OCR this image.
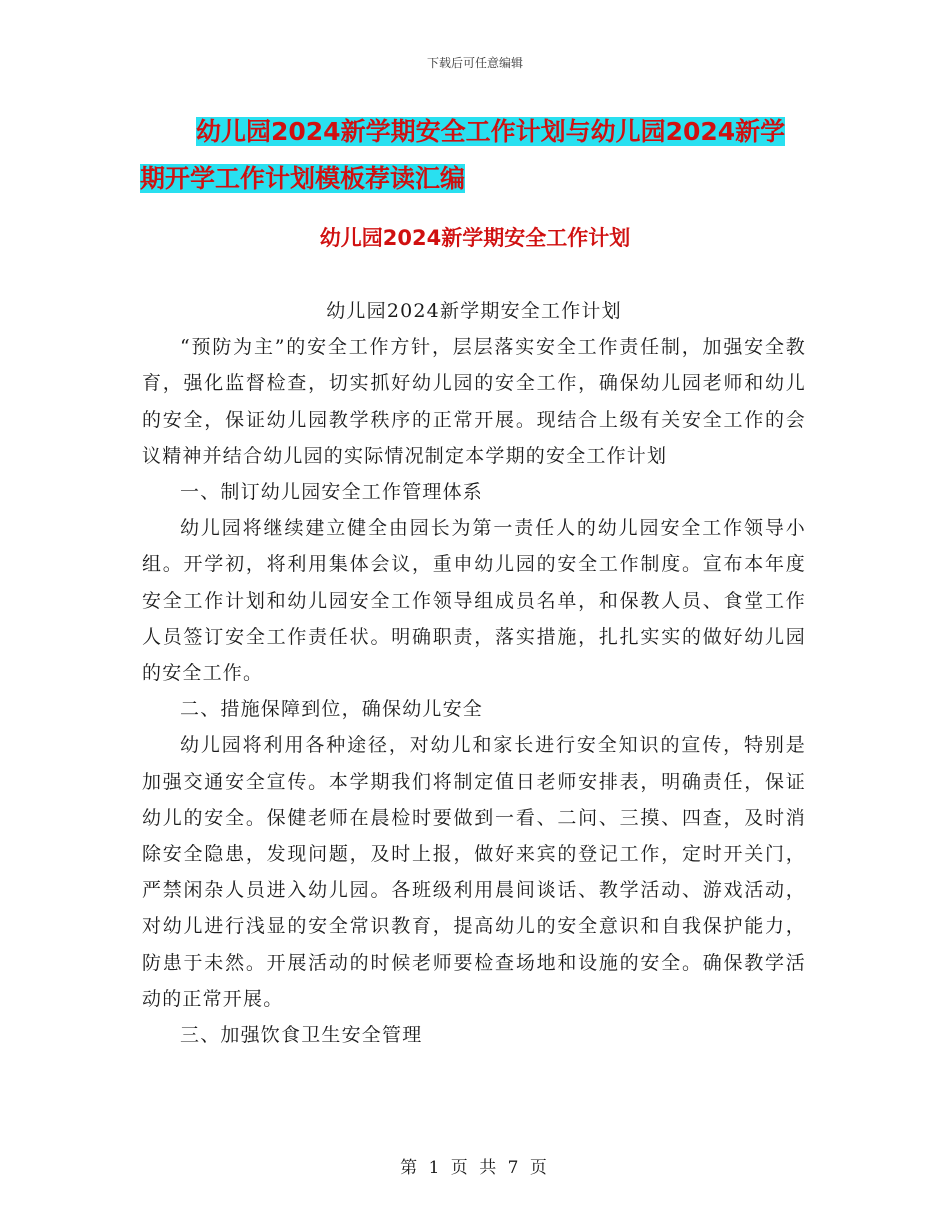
下载后可任意编辑
幼儿园2024新学期安全工作计划与幼儿园2024新学
期开学工作计划模板荐读汇编
幼儿园2024新学期安全工作计划

幼儿园2024新学期安全工作计划

“预防为主”的安全工作方针，层层落实安全工作责任制，加强安全教育，强化监督检查，切实抓好幼儿园的安全工作，确保幼儿园老师和幼儿的安全，保证幼儿园教学秩序的正常开展。现结合上级有关安全工作的会议精神并结合幼儿园的实际情况制定本学期的安全工作计划

一、制订幼儿园安全工作管理体系

幼儿园将继续建立健全由园长为第一责任人的幼儿园安全工作领导小组。开学初，将利用集体会议，重申幼儿园的安全工作制度。宣布本年度安全工作计划和幼儿园安全工作领导组成员名单，和保教人员、食堂工作人员签订安全工作责任状。明确职责，落实措施，扎扎实实的做好幼儿园的安全工作。

二、措施保障到位，确保幼儿安全

幼儿园将利用各种途径，对幼儿和家长进行安全知识的宣传，特别是加强交通安全宣传。本学期我们将制定值日老师安排表，明确责任，保证幼儿的安全。保健老师在晨检时要做到一看、二问、三摸、四查，及时消除安全隐患，发现问题，及时上报，做好来宾的登记工作，定时开关门，严禁闲杂人员进入幼儿园。各班级利用晨间谈话、教学活动、游戏活动，对幼儿进行浅显的安全常识教育，提高幼儿的安全意识和自我保护能力，防患于未然。开展活动的时候老师要检查场地和设施的安全。确保教学活动的正常开展。

三、加强饮食卫生安全管理

第 1 页 共 7 页
